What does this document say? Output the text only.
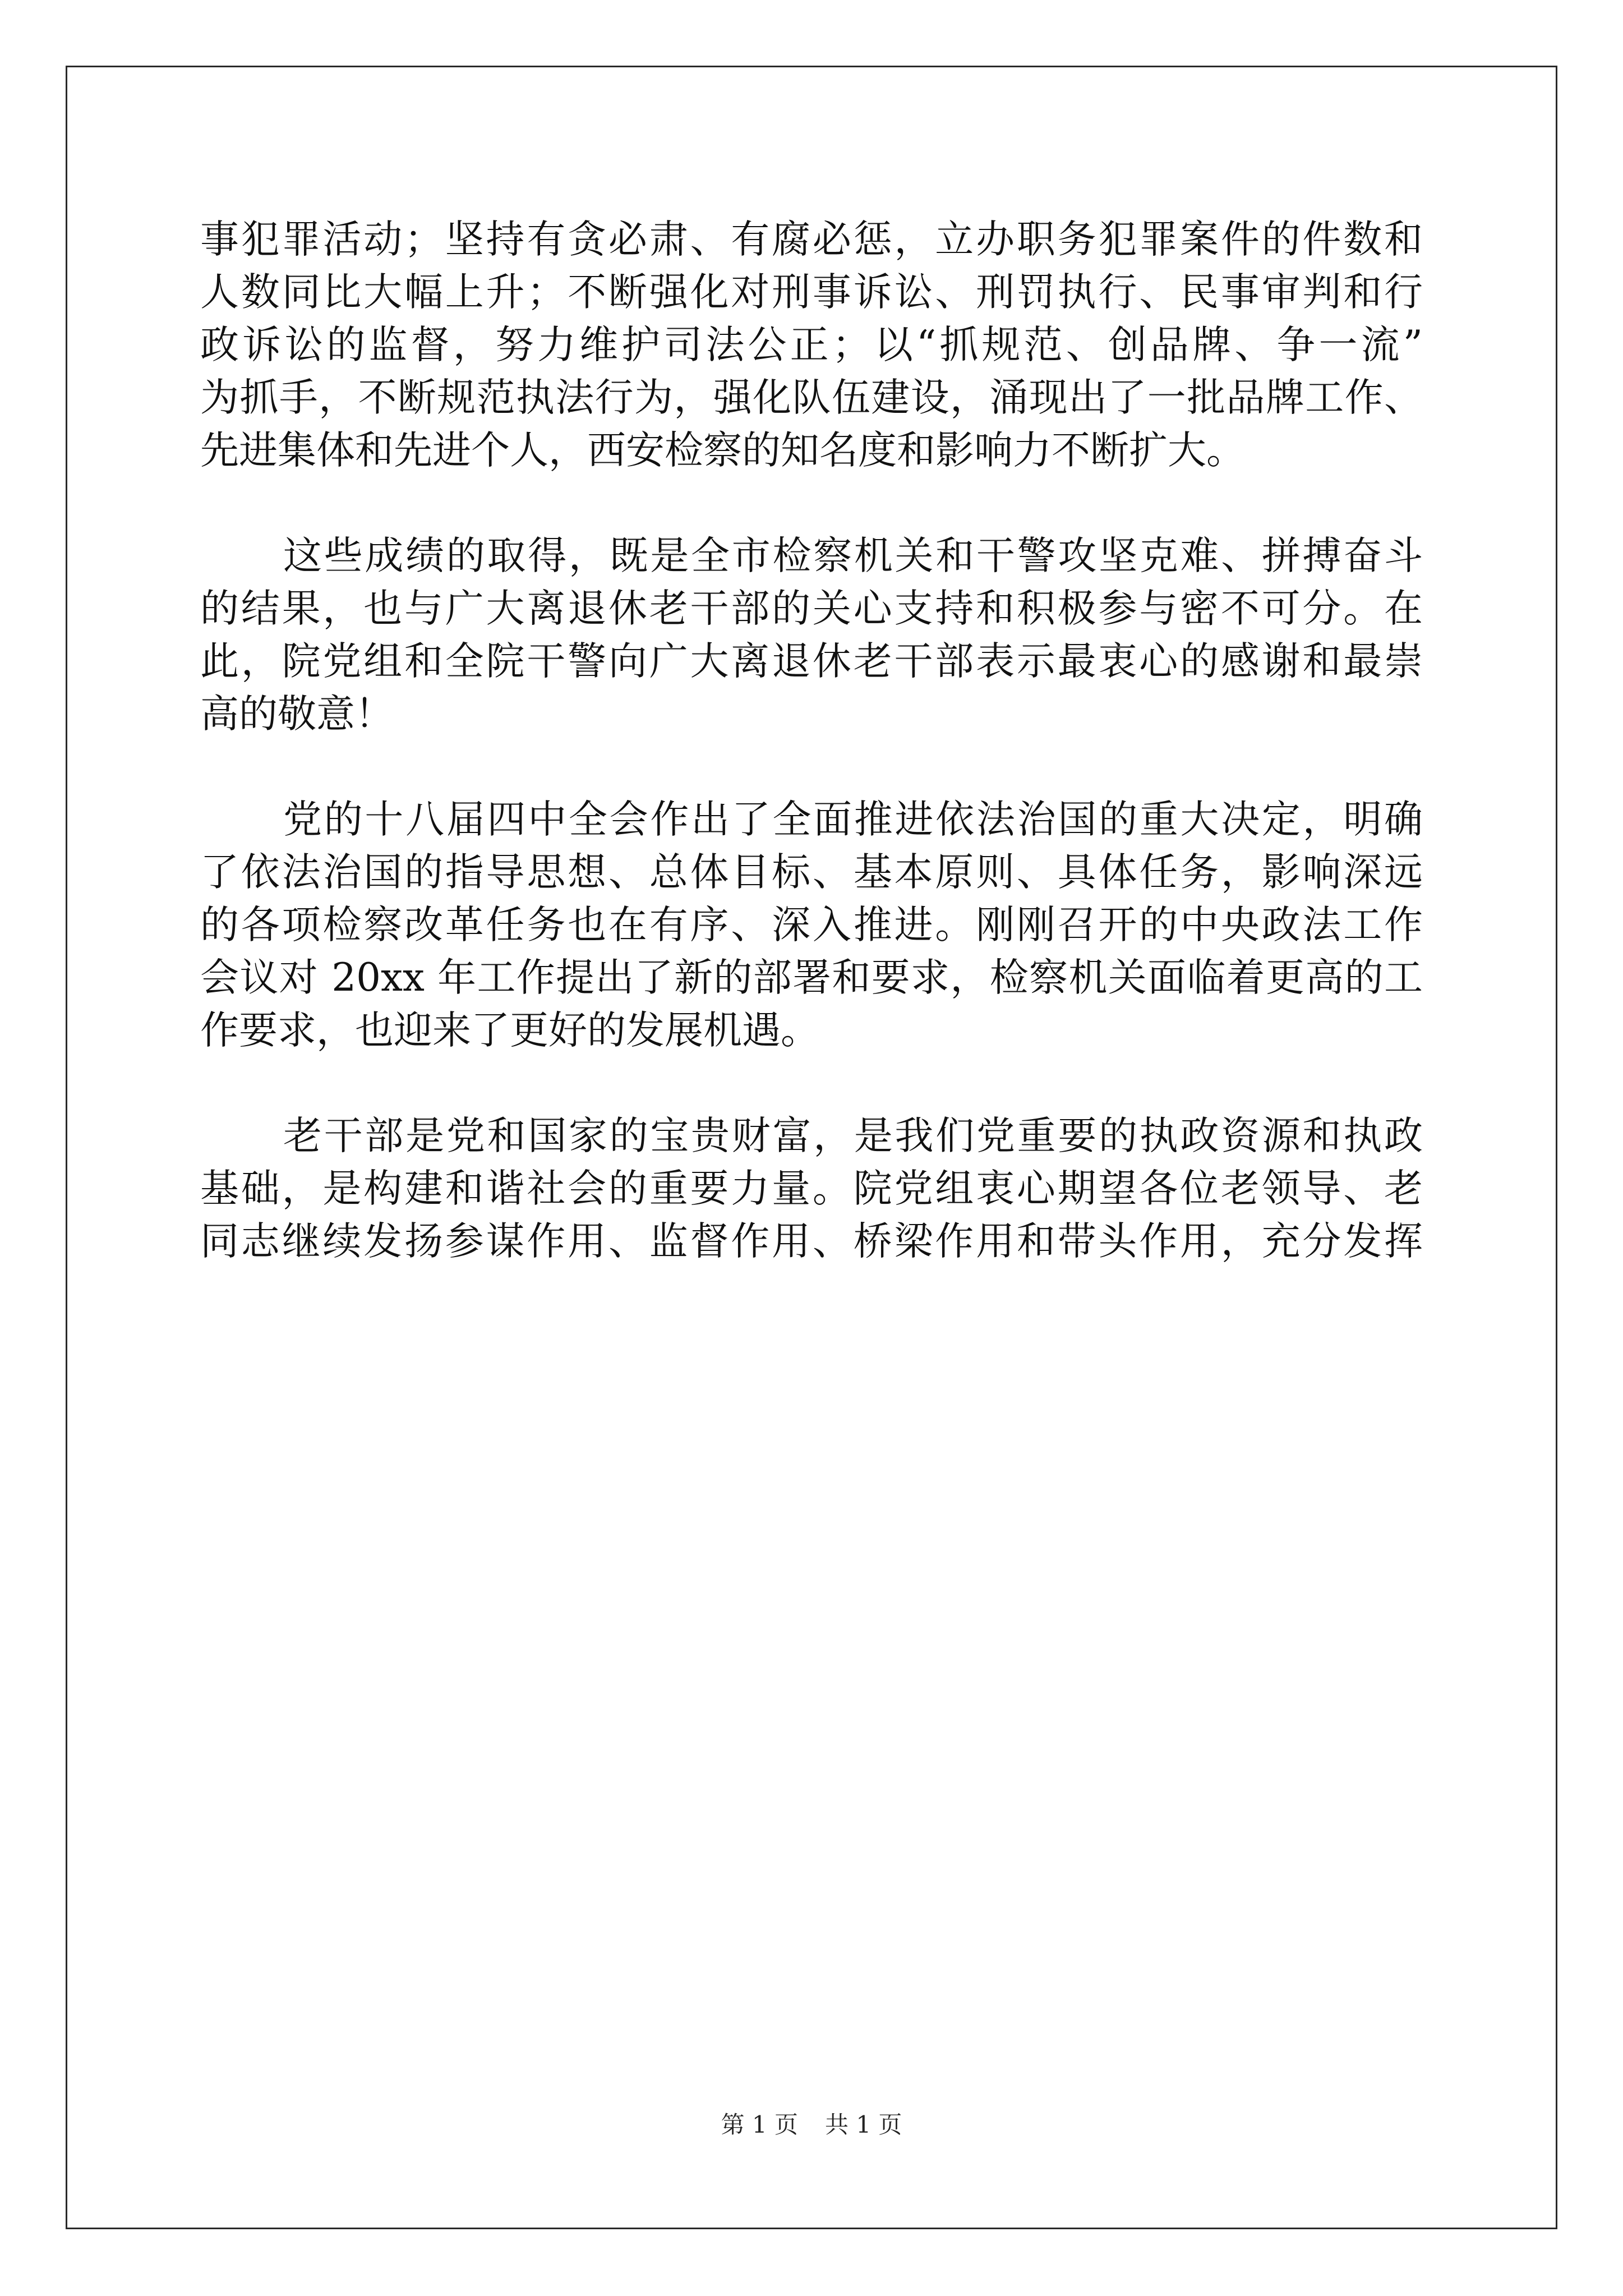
事犯罪活动；坚持有贪必肃、有腐必惩，立办职务犯罪案件的件数和
人数同比大幅上升；不断强化对刑事诉讼、刑罚执行、民事审判和行
政诉讼的监督，努力维护司法公正；以“抓规范、创品牌、争一流”
为抓手，不断规范执法行为，强化队伍建设，涌现出了一批品牌工作、
先进集体和先进个人，西安检察的知名度和影响力不断扩大。
这些成绩的取得，既是全市检察机关和干警攻坚克难、拼搏奋斗
的结果，也与广大离退休老干部的关心支持和积极参与密不可分。在
此，院党组和全院干警向广大离退休老干部表示最衷心的感谢和最崇
高的敬意！
党的十八届四中全会作出了全面推进依法治国的重大决定，明确
了依法治国的指导思想、总体目标、基本原则、具体任务，影响深远
的各项检察改革任务也在有序、深入推进。刚刚召开的中央政法工作
会议对 20xx 年工作提出了新的部署和要求，检察机关面临着更高的工
作要求，也迎来了更好的发展机遇。
老干部是党和国家的宝贵财富，是我们党重要的执政资源和执政
基础，是构建和谐社会的重要力量。院党组衷心期望各位老领导、老
同志继续发扬参谋作用、监督作用、桥梁作用和带头作用，充分发挥
第 1 页 共 1 页
